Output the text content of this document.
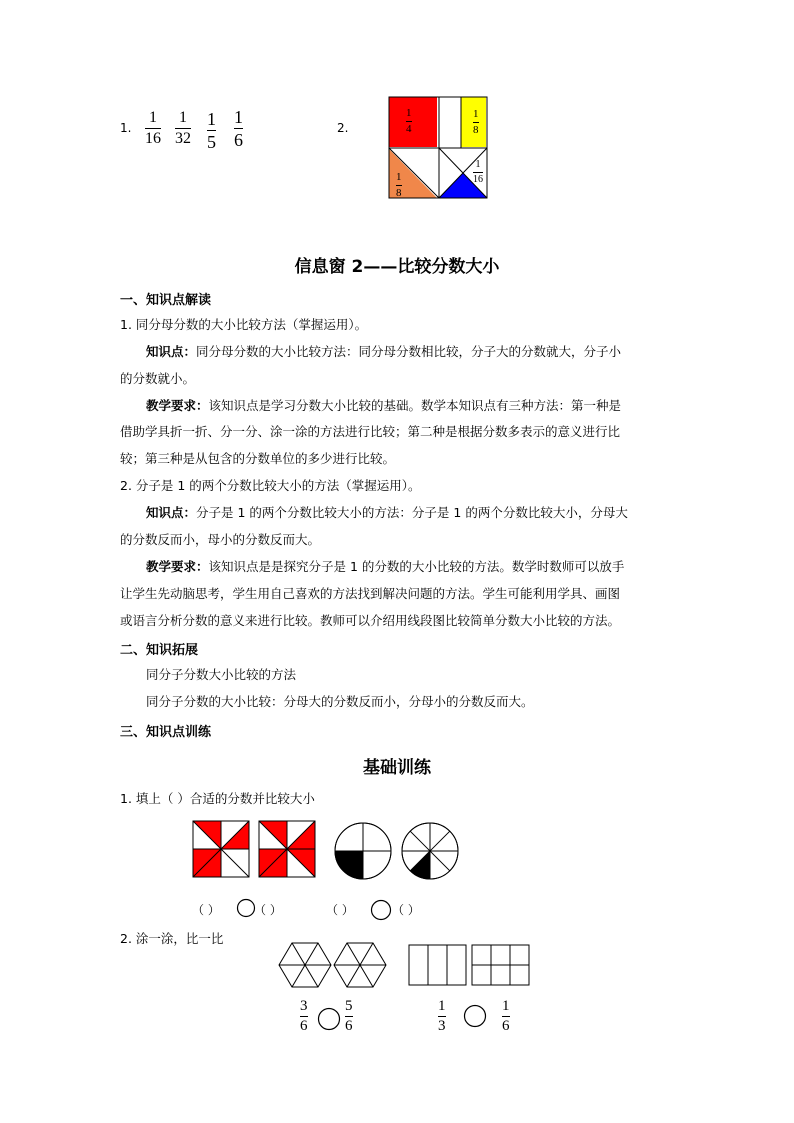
1.
1
16
1
32
1
5
1
6
2.
1
4
1
8
1
8
1
16
信息窗 2——比较分数大小
一、知识点解读
1. 同分母分数的大小比较方法（掌握运用）。
知识点：同分母分数的大小比较方法：同分母分数相比较，分子大的分数就大，分子小
的分数就小。
教学要求：该知识点是学习分数大小比较的基础。数学本知识点有三种方法：第一种是
借助学具折一折、分一分、涂一涂的方法进行比较；第二种是根据分数多表示的意义进行比
较；第三种是从包含的分数单位的多少进行比较。
2. 分子是 1 的两个分数比较大小的方法（掌握运用）。
知识点：分子是 1 的两个分数比较大小的方法：分子是 1 的两个分数比较大小，分母大
的分数反而小，母小的分数反而大。
教学要求：该知识点是是探究分子是 1 的分数的大小比较的方法。数学时数师可以放手
让学生先动脑思考，学生用自己喜欢的方法找到解决问题的方法。学生可能利用学具、画图
或语言分析分数的意义来进行比较。教师可以介绍用线段图比较简单分数大小比较的方法。
二、知识拓展
同分子分数大小比较的方法
同分子分数的大小比较：分母大的分数反而小，分母小的分数反而大。
三、知识点训练
基础训练
1. 填上（ ）合适的分数并比较大小
（ ）	（ ）	（ ）	（ ）
2. 涂一涂，比一比
3
6
5
6
1
3
1
6
